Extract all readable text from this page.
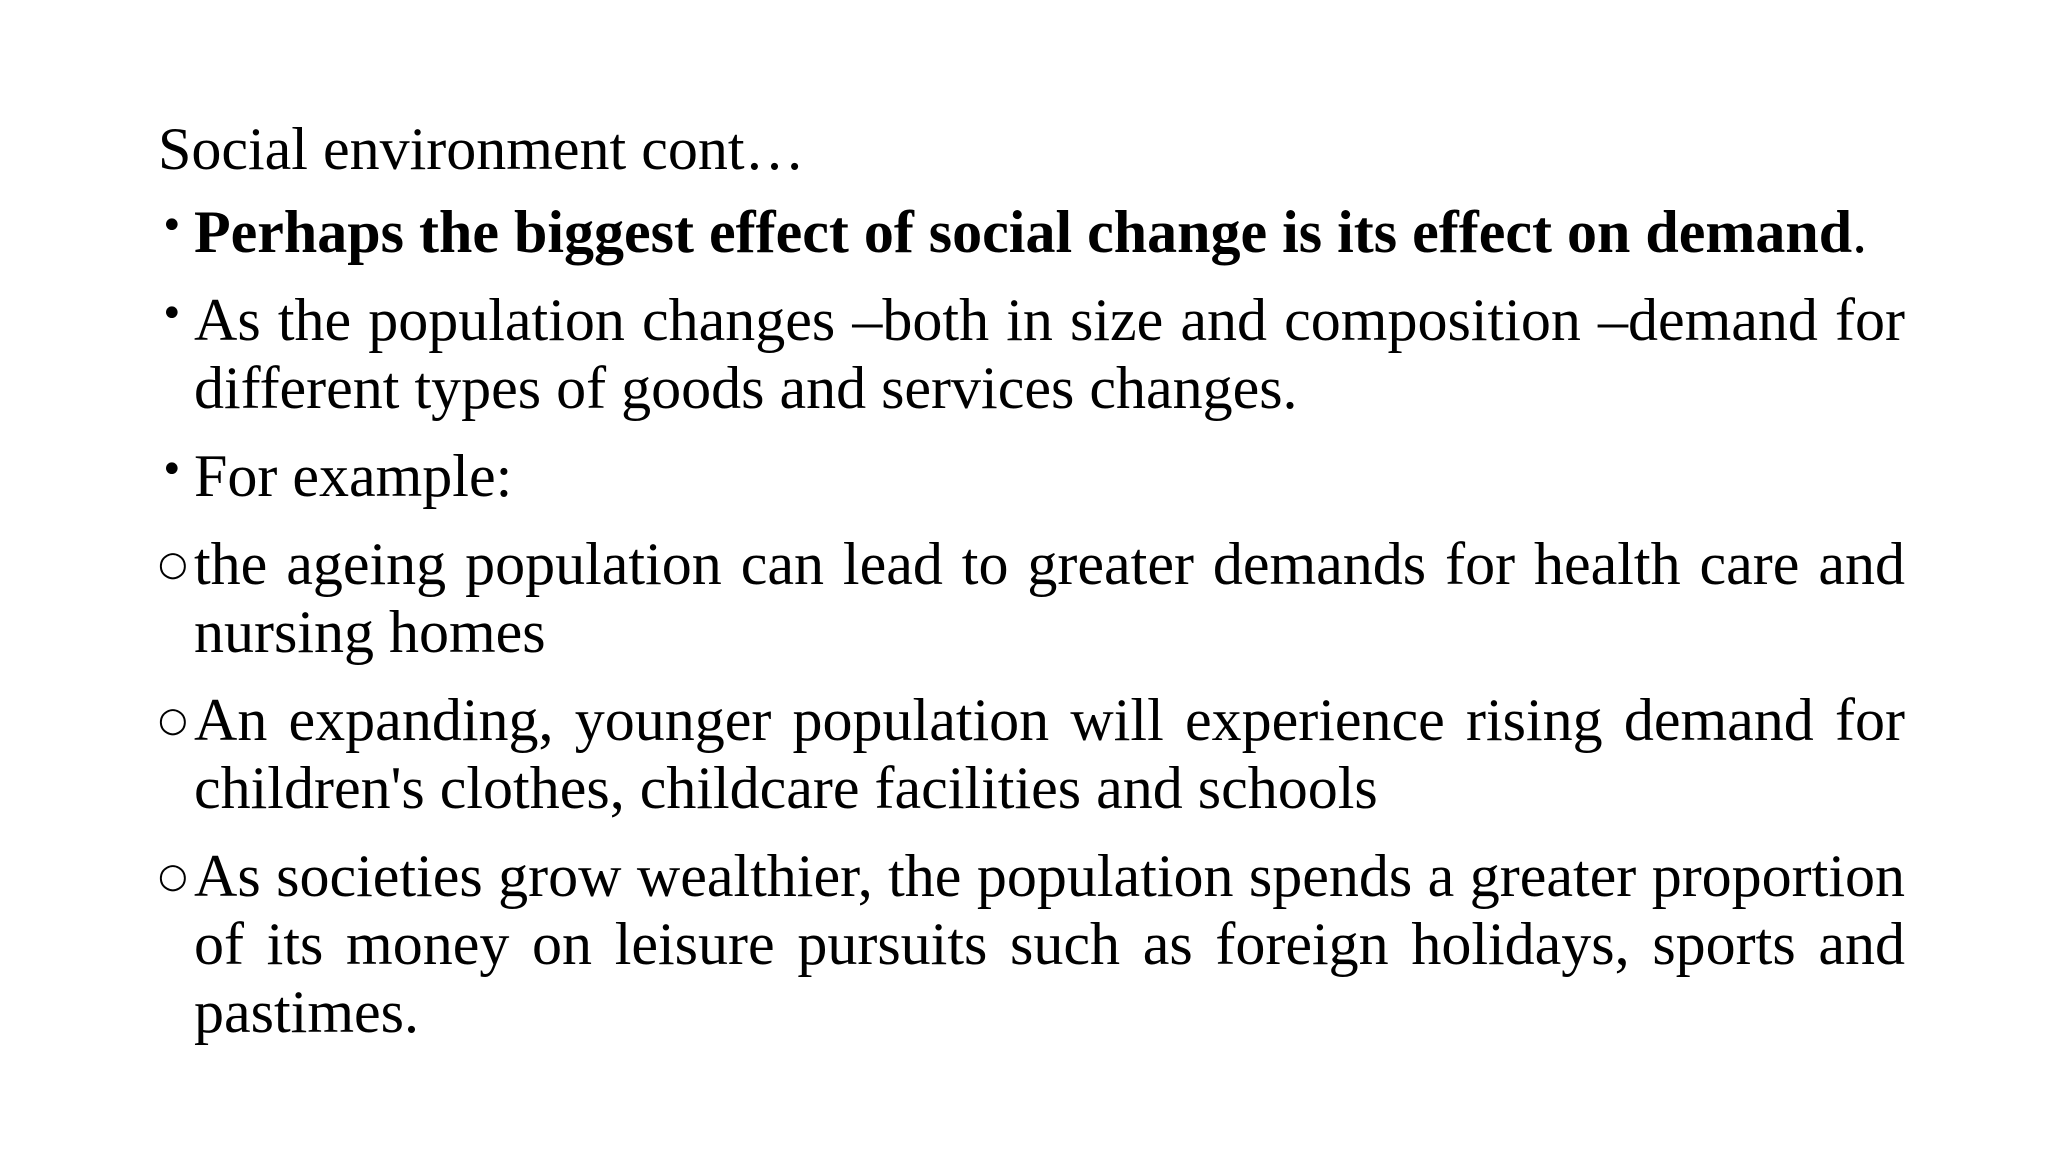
Social environment cont…
• Perhaps the biggest effect of social change is its effect on demand.
• As the population changes –both in size and composition –demand for different types of goods and services changes.
• For example:
○ the ageing population can lead to greater demands for health care and nursing homes
○ An expanding, younger population will experience rising demand for children's clothes, childcare facilities and schools
○ As societies grow wealthier, the population spends a greater proportion of its money on leisure pursuits such as foreign holidays, sports and pastimes.
